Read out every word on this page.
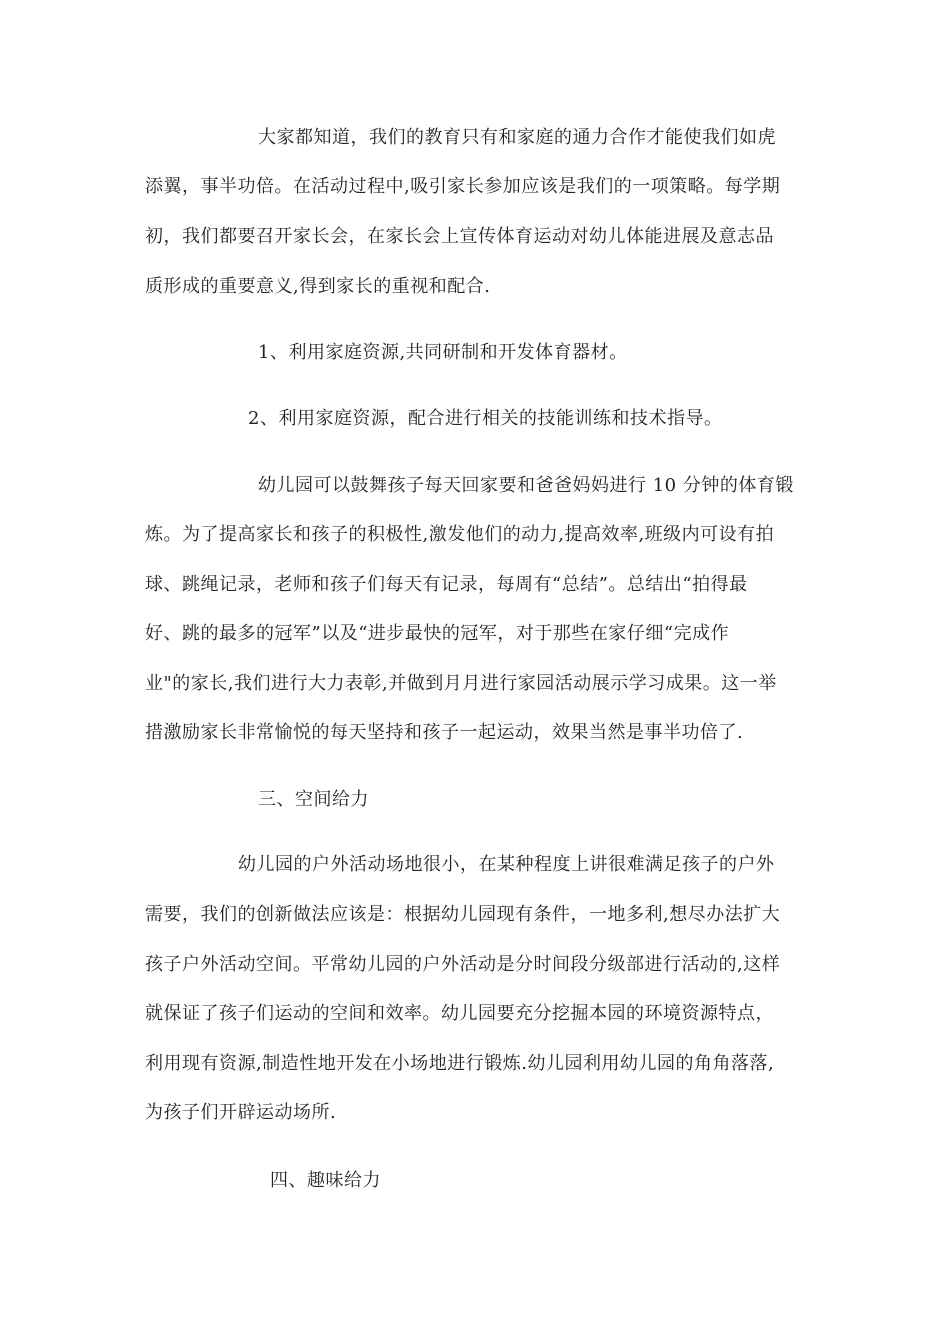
大家都知道，我们的教育只有和家庭的通力合作才能使我们如虎
添翼，事半功倍。在活动过程中,吸引家长参加应该是我们的一项策略。每学期
初，我们都要召开家长会，在家长会上宣传体育运动对幼儿体能进展及意志品
质形成的重要意义,得到家长的重视和配合.
1、利用家庭资源,共同研制和开发体育器材。
2、利用家庭资源，配合进行相关的技能训练和技术指导。
幼儿园可以鼓舞孩子每天回家要和爸爸妈妈进行 10 分钟的体育锻
炼。为了提高家长和孩子的积极性,激发他们的动力,提高效率,班级内可设有拍
球、跳绳记录，老师和孩子们每天有记录，每周有“总结”。总结出“拍得最
好、跳的最多的冠军”以及“进步最快的冠军，对于那些在家仔细“完成作
业"的家长,我们进行大力表彰,并做到月月进行家园活动展示学习成果。这一举
措激励家长非常愉悦的每天坚持和孩子一起运动，效果当然是事半功倍了.
三、空间给力
幼儿园的户外活动场地很小，在某种程度上讲很难满足孩子的户外
需要，我们的创新做法应该是：根据幼儿园现有条件，一地多利,想尽办法扩大
孩子户外活动空间。平常幼儿园的户外活动是分时间段分级部进行活动的,这样
就保证了孩子们运动的空间和效率。幼儿园要充分挖掘本园的环境资源特点，
利用现有资源,制造性地开发在小场地进行锻炼.幼儿园利用幼儿园的角角落落,
为孩子们开辟运动场所.
四、趣味给力
